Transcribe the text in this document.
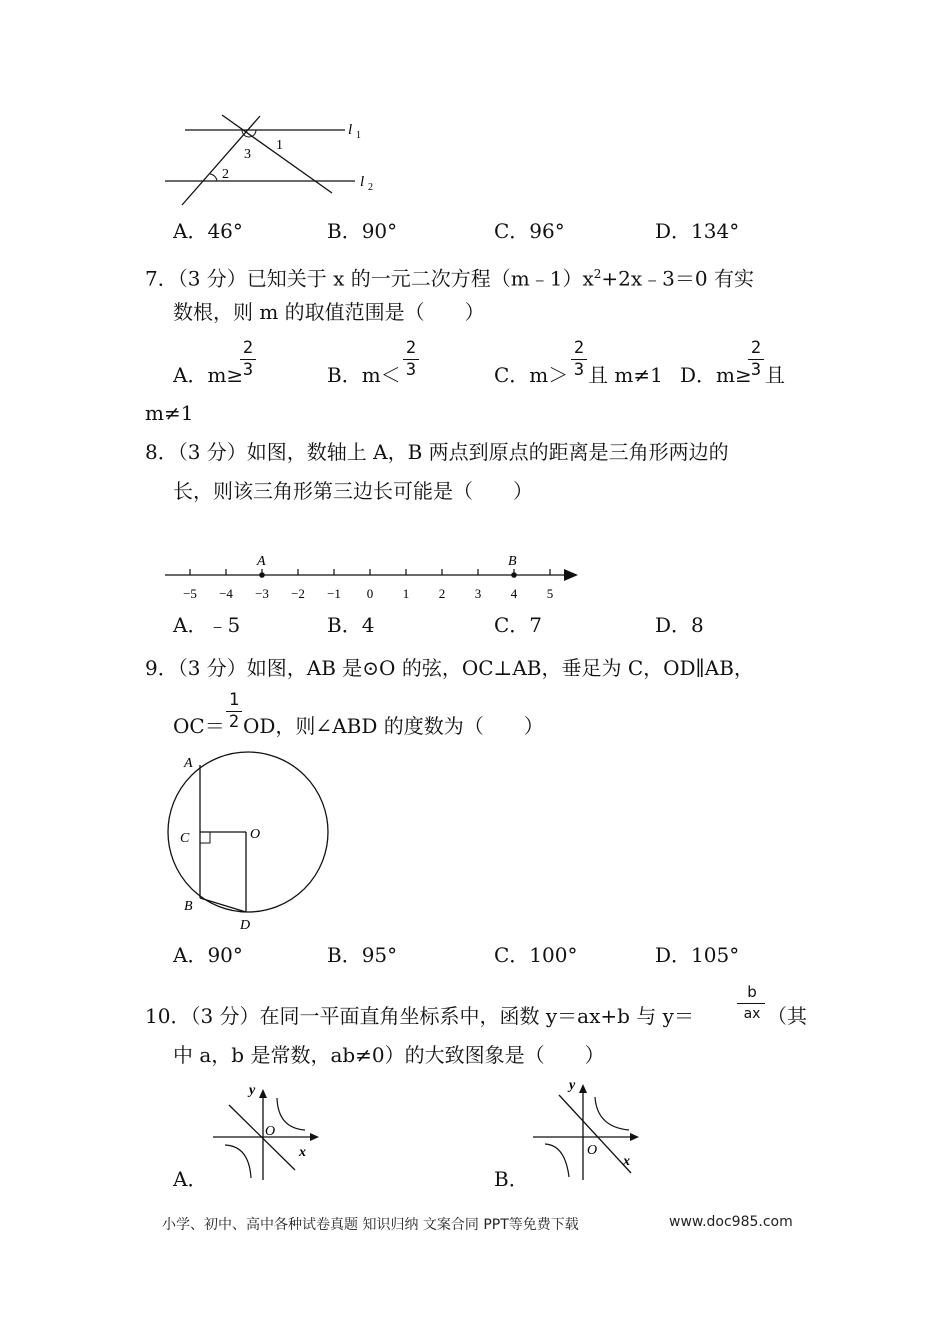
l 1
l 2
3
1
2
A．46°	B．90°	C．96°	D．134°
7．（3 分）已知关于 x 的一元二次方程$(m﹣1)x^2+2x﹣3=0$ 有实
数根，则 m 的取值范围是（　　）
A．m≥
2
3	B．m＜
2
3	C．m＞
2
3 且 m≠1 D．m≥
2
3 且
m≠1
8．（3 分）如图，数轴上 A，B 两点到原点的距离是三角形两边的
长，则该三角形第三边长可能是（　　）
−5 −4 −3 −2 −1 0 1 2 3 4 5
A	B
A．﹣5	B．4	C．7	D．8
9．（3 分）如图，AB 是⊙O 的弦，OC⊥AB，垂足为 C，OD∥AB，
OC＝
1
2 OD，则∠ABD 的度数为（　　）
A
C	O
B
D
A．90°	B．95°	C．100°	D．105°
10．（3 分）在同一平面直角坐标系中，函数 y＝ax+b 与 y＝
b
ax （其
中 a，b 是常数，ab≠0）的大致图象是（　　）
y
x
O
A．
y
x
O
B．
小学、初中、高中各种试卷真题 知识归纳 文案合同 PPT等免费下载	www.doc985.com
